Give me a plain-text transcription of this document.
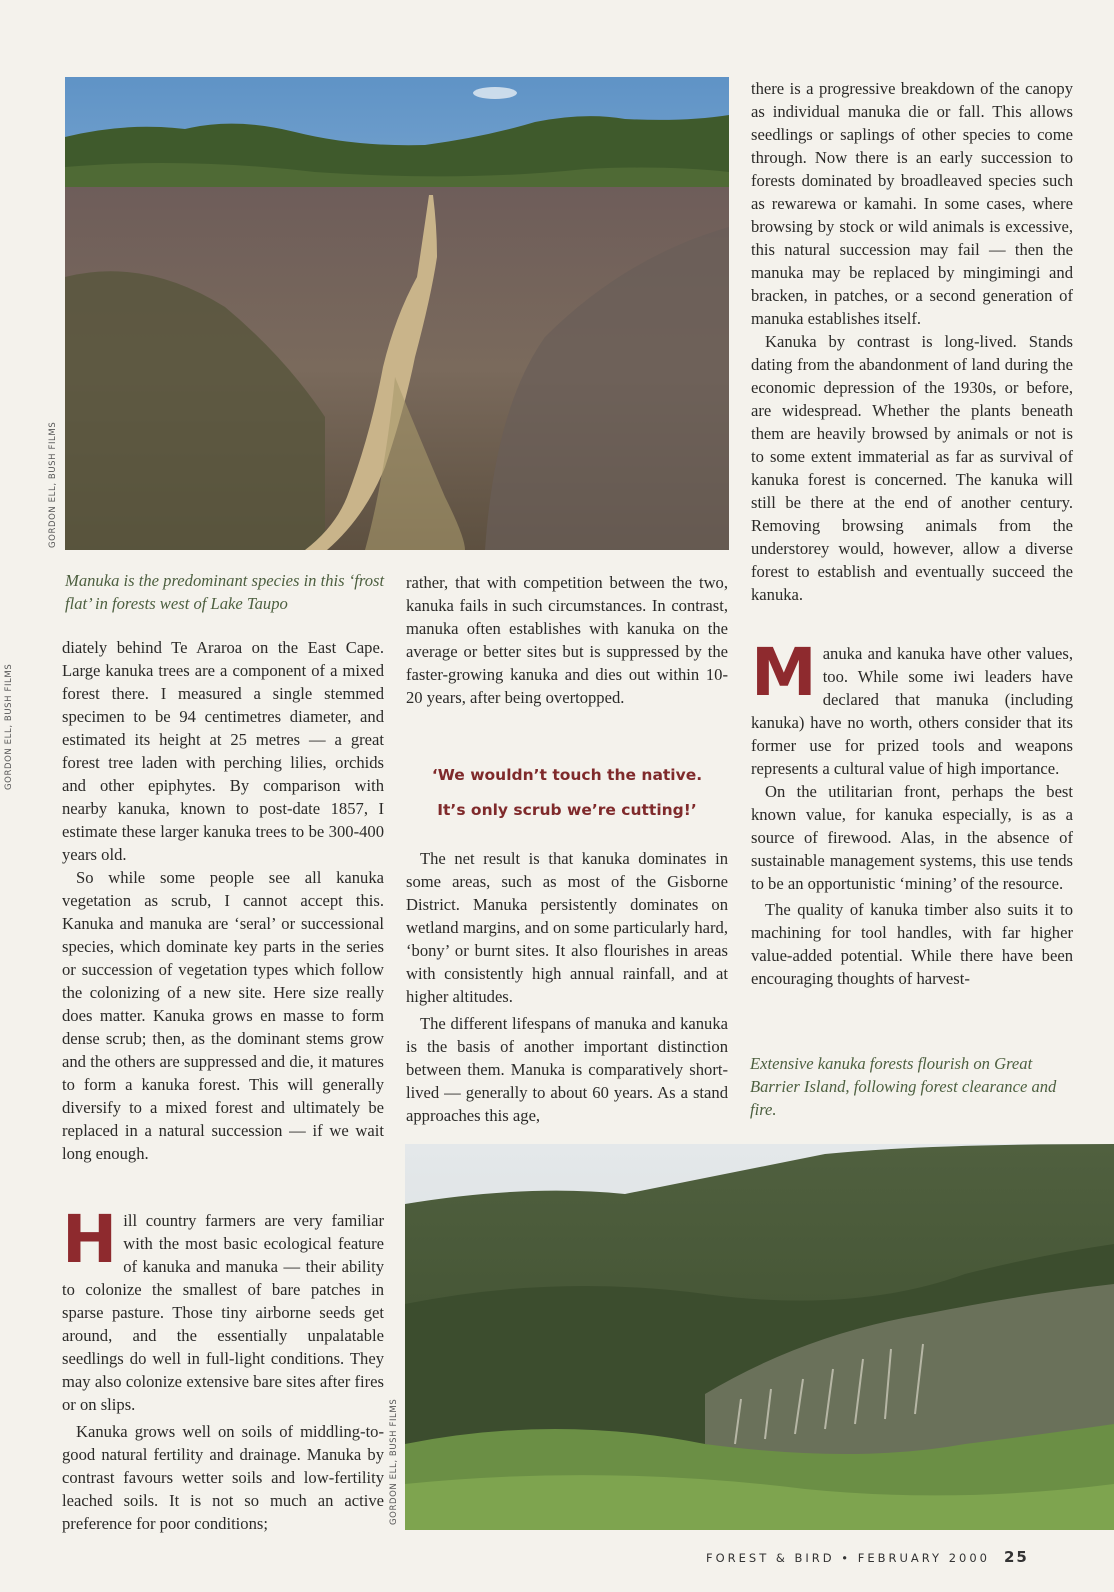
GORDON ELL, BUSH FILMS
GORDON ELL, BUSH FILMS
Manuka is the predominant species in this ‘frost flat’ in forests west of Lake Taupo

diately behind Te Araroa on the East Cape. Large kanuka trees are a component of a mixed forest there. I measured a single stemmed specimen to be 94 centimetres diameter, and estimated its height at 25 metres — a great forest tree laden with perching lilies, orchids and other epiphytes. By comparison with nearby kanuka, known to post-date 1857, I estimate these larger kanuka trees to be 300-400 years old.

So while some people see all kanuka vegetation as scrub, I cannot accept this. Kanuka and manuka are ‘seral’ or successional species, which dominate key parts in the series or succession of vegetation types which follow the colonizing of a new site. Here size really does matter. Kanuka grows en masse to form dense scrub; then, as the dominant stems grow and the others are suppressed and die, it matures to form a kanuka forest. This will generally diversify to a mixed forest and ultimately be replaced in a natural succession — if we wait long enough.

H ill country farmers are very familiar with the most basic ecological feature of kanuka and manuka — their ability to colonize the smallest of bare patches in sparse pasture. Those tiny airborne seeds get around, and the essentially unpalatable seedlings do well in full-light conditions. They may also colonize extensive bare sites after fires or on slips.

Kanuka grows well on soils of middling-to-good natural fertility and drainage. Manuka by contrast favours wetter soils and low-fertility leached soils. It is not so much an active preference for poor conditions;

rather, that with competition between the two, kanuka fails in such circumstances. In contrast, manuka often establishes with kanuka on the average or better sites but is suppressed by the faster-growing kanuka and dies out within 10-20 years, after being overtopped.

‘We wouldn’t touch the native.
It’s only scrub we’re cutting!’

The net result is that kanuka dominates in some areas, such as most of the Gisborne District. Manuka persistently dominates on wetland margins, and on some particularly hard, ‘bony’ or burnt sites. It also flourishes in areas with consistently high annual rainfall, and at higher altitudes.

The different lifespans of manuka and kanuka is the basis of another important distinction between them. Manuka is comparatively short-lived — generally to about 60 years. As a stand approaches this age,

there is a progressive breakdown of the canopy as individual manuka die or fall. This allows seedlings or saplings of other species to come through. Now there is an early succession to forests dominated by broadleaved species such as rewarewa or kamahi. In some cases, where browsing by stock or wild animals is excessive, this natural succession may fail — then the manuka may be replaced by mingimingi and bracken, in patches, or a second generation of manuka establishes itself.

Kanuka by contrast is long-lived. Stands dating from the abandonment of land during the economic depression of the 1930s, or before, are widespread. Whether the plants beneath them are heavily browsed by animals or not is to some extent immaterial as far as survival of kanuka forest is concerned. The kanuka will still be there at the end of another century. Removing browsing animals from the understorey would, however, allow a diverse forest to establish and eventually succeed the kanuka.

M anuka and kanuka have other values, too. While some iwi leaders have declared that manuka (including kanuka) have no worth, others consider that its former use for prized tools and weapons represents a cultural value of high importance.

On the utilitarian front, perhaps the best known value, for kanuka especially, is as a source of firewood. Alas, in the absence of sustainable management systems, this use tends to be an opportunistic ‘mining’ of the resource.

The quality of kanuka timber also suits it to machining for tool handles, with far higher value-added potential. While there have been encouraging thoughts of harvest-

Extensive kanuka forests flourish on Great Barrier Island, following forest clearance and fire.
GORDON ELL, BUSH FILMS
FOREST & BIRD • FEBRUARY 2000 25
